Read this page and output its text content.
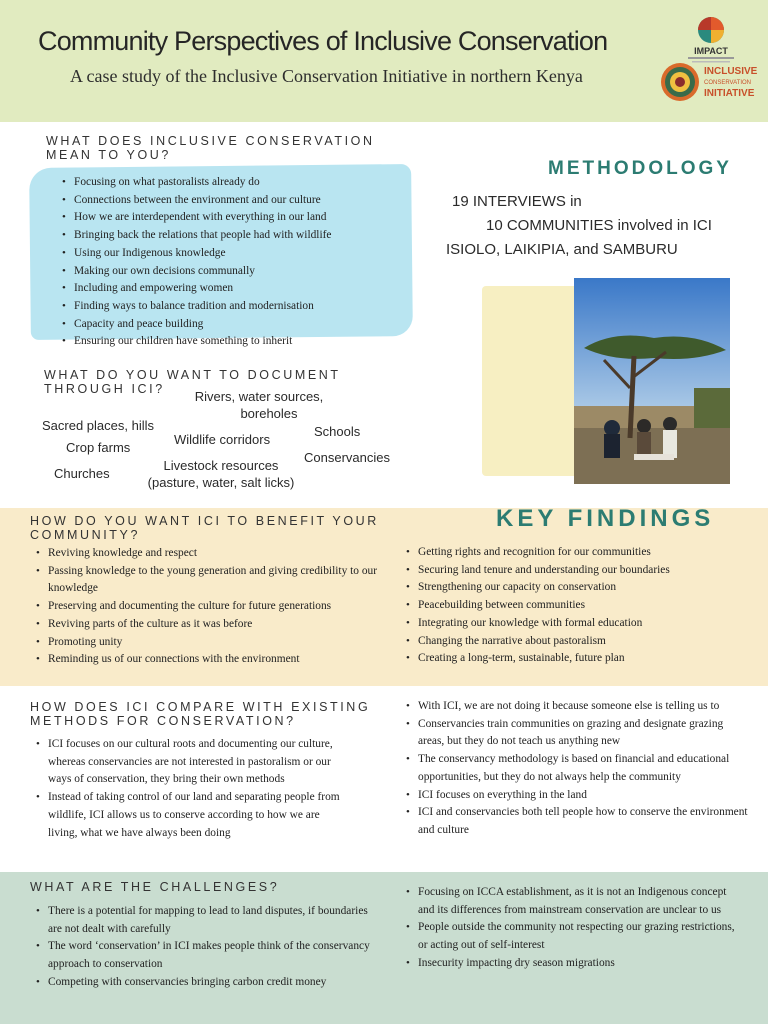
Community Perspectives of Inclusive Conservation
A case study of the Inclusive Conservation Initiative in northern Kenya
IMPACT
INCLUSIVE
CONSERVATION
INITIATIVE
WHAT DOES INCLUSIVE CONSERVATION
MEAN TO YOU?
• Focusing on what pastoralists already do
• Connections between the environment and our culture
• How we are interdependent with everything in our land
• Bringing back the relations that people had with wildlife
• Using our Indigenous knowledge
• Making our own decisions communally
• Including and empowering women
• Finding ways to balance tradition and modernisation
• Capacity and peace building
• Ensuring our children have something to inherit
METHODOLOGY
19 INTERVIEWS in
10 COMMUNITIES involved in ICI
ISIOLO, LAIKIPIA, and SAMBURU
WHAT DO YOU WANT TO DOCUMENT
THROUGH ICI?	Rivers, water sources,
boreholes
Sacred places, hills	Schools
Crop farms
Wildlife corridors
Conservancies
Churches
Livestock resources
(pasture, water, salt licks)
HOW DO YOU WANT ICI TO BENEFIT YOUR
COMMUNITY?
• Reviving knowledge and respect
• Passing knowledge to the young generation and giving credibility to our knowledge
• Preserving and documenting the culture for future generations
• Reviving parts of the culture as it was before
• Promoting unity
• Reminding us of our connections with the environment
KEY FINDINGS
• Getting rights and recognition for our communities
• Securing land tenure and understanding our boundaries
• Strengthening our capacity on conservation
• Peacebuilding between communities
• Integrating our knowledge with formal education
• Changing the narrative about pastoralism
• Creating a long-term, sustainable, future plan
HOW DOES ICI COMPARE WITH EXISTING
METHODS FOR CONSERVATION?
• ICI focuses on our cultural roots and documenting our culture, whereas conservancies are not interested in pastoralism or our ways of conservation, they bring their own methods
• Instead of taking control of our land and separating people from wildlife, ICI allows us to conserve according to how we are living, what we have always been doing
• With ICI, we are not doing it because someone else is telling us to
• Conservancies train communities on grazing and designate grazing areas, but they do not teach us anything new
• The conservancy methodology is based on financial and educational opportunities, but they do not always help the community
• ICI focuses on everything in the land
• ICI and conservancies both tell people how to conserve the environment and culture
WHAT ARE THE CHALLENGES?
• There is a potential for mapping to lead to land disputes, if boundaries are not dealt with carefully
• The word ‘conservation’ in ICI makes people think of the conservancy approach to conservation
• Competing with conservancies bringing carbon credit money
• Focusing on ICCA establishment, as it is not an Indigenous concept and its differences from mainstream conservation are unclear to us
• People outside the community not respecting our grazing restrictions, or acting out of self-interest
• Insecurity impacting dry season migrations
